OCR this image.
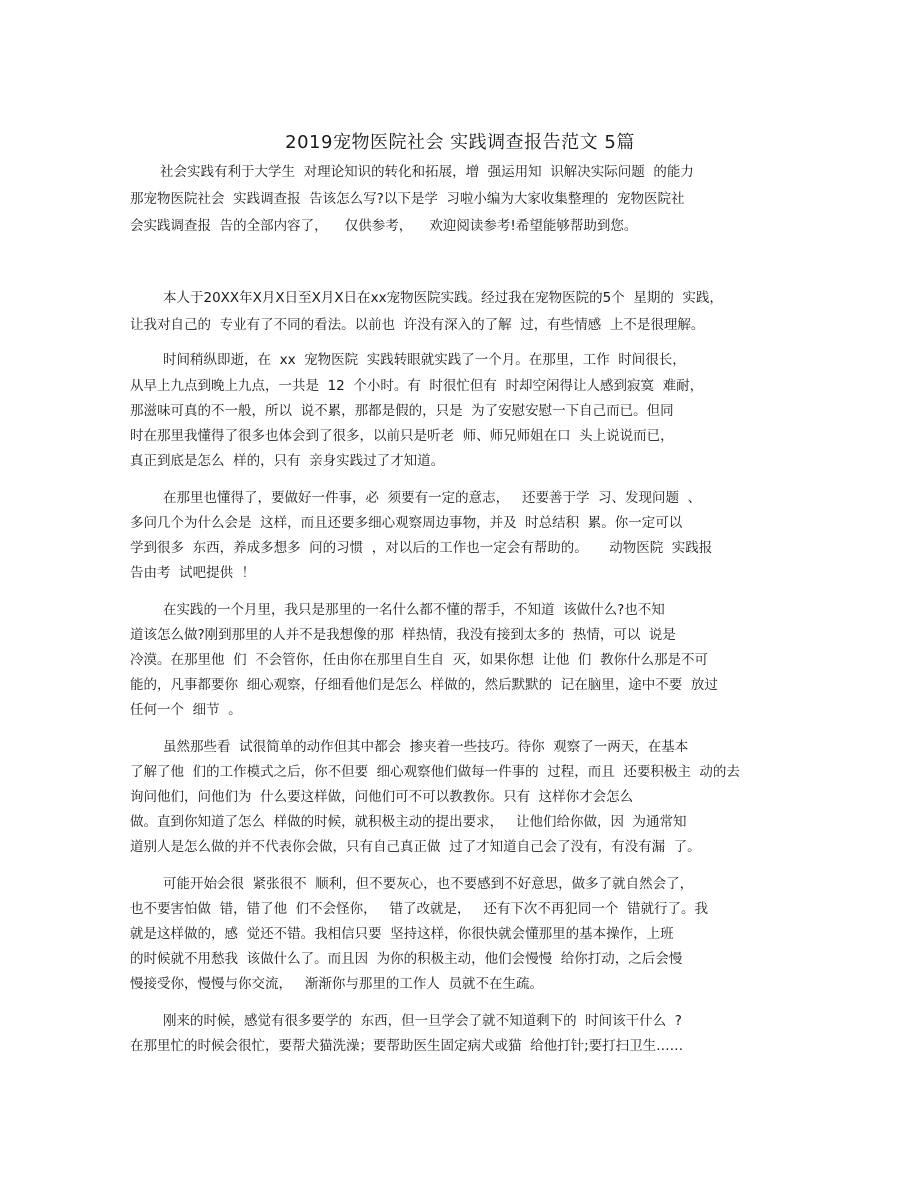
2019宠物医院社会 实践调查报告范文 5篇

社会实践有利于大学生  对理论知识的转化和拓展，增  强运用知  识解决实际问题  的能力

那宠物医院社会  实践调查报  告该怎么写?以下是学  习啦小编为大家收集整理的  宠物医院社

会实践调查报  告的全部内容了，    仅供参考，    欢迎阅读参考!希望能够帮助到您。

本人于20XX年X月X日至X月X日在xx宠物医院实践。经过我在宠物医院的5个  星期的  实践，

让我对自己的  专业有了不同的看法。以前也  许没有深入的了解  过，有些情感  上不是很理解。

时间稍纵即逝，在  xx  宠物医院  实践转眼就实践了一个月。在那里，工作  时间很长，

从早上九点到晚上九点，一共是  12  个小时。有  时很忙但有  时却空闲得让人感到寂寞  难耐，

那滋味可真的不一般，所以  说不累，那都是假的，只是  为了安慰安慰一下自己而已。但同

时在那里我懂得了很多也体会到了很多，以前只是听老  师、师兄师姐在口  头上说说而已，

真正到底是怎么  样的，只有  亲身实践过了才知道。

在那里也懂得了，要做好一件事，必  须要有一定的意志，   还要善于学  习、发现问题  、

多问几个为什么会是  这样，而且还要多细心观察周边事物，并及  时总结积  累。你一定可以

学到很多  东西，养成多想多  问的习惯  ，对以后的工作也一定会有帮助的。     动物医院  实践报

告由考  试吧提供  ！

在实践的一个月里，我只是那里的一名什么都不懂的帮手，不知道  该做什么?也不知

道该怎么做?刚到那里的人并不是我想像的那  样热情，我没有接到太多的  热情，可以  说是

冷漠。在那里他  们  不会管你，任由你在那里自生自  灭，如果你想  让他  们  教你什么那是不可

能的，凡事都要你  细心观察，仔细看他们是怎么  样做的，然后默默的  记在脑里，途中不要  放过

任何一个  细节  。

虽然那些看  试很简单的动作但其中都会  掺夹着一些技巧。待你  观察了一两天，在基本

了解了他  们的工作模式之后，你不但要  细心观察他们做每一件事的  过程，而且  还要积极主  动的去

询问他们，问他们为  什么要这样做，问他们可不可以教教你。只有  这样你才会怎么

做。直到你知道了怎么  样做的时候，就积极主动的提出要求，   让他们给你做，因  为通常知

道别人是怎么做的并不代表你会做，只有自己真正做  过了才知道自己会了没有，有没有漏  了。

可能开始会很  紧张很不  顺利，但不要灰心，也不要感到不好意思，做多了就自然会了，

也不要害怕做  错，错了他  们不会怪你，   错了改就是，   还有下次不再犯同一个  错就行了。我

就是这样做的，感  觉还不错。我相信只要  坚持这样，你很快就会懂那里的基本操作，上班

的时候就不用愁我  该做什么了。而且因  为你的积极主动，他们会慢慢  给你打动，之后会慢

慢接受你，慢慢与你交流，   渐渐你与那里的工作人  员就不在生疏。

刚来的时候，感觉有很多要学的  东西，但一旦学会了就不知道剩下的  时间该干什么  ?

在那里忙的时候会很忙，要帮犬猫洗澡；要帮助医生固定病犬或猫  给他打针;要打扫卫生……
